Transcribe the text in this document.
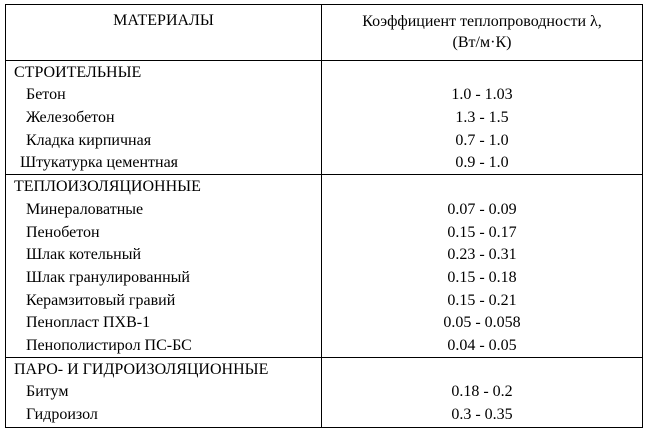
МАТЕРИАЛЫ	Коэффициент теплопроводности λ,
(Вт/м·К)
СТРОИТЕЛЬНЫЕ
Бетон	1.0 - 1.03
Железобетон	1.3 - 1.5
Кладка кирпичная	0.7 - 1.0
Штукатурка цементная	0.9 - 1.0
ТЕПЛОИЗОЛЯЦИОННЫЕ
Минераловатные	0.07 - 0.09
Пенобетон	0.15 - 0.17
Шлак котельный	0.23 - 0.31
Шлак гранулированный	0.15 - 0.18
Керамзитовый гравий	0.15 - 0.21
Пенопласт ПХВ-1	0.05 - 0.058
Пенополистирол ПС-БС	0.04 - 0.05
ПАРО- И ГИДРОИЗОЛЯЦИОННЫЕ
Битум	0.18 - 0.2
Гидроизол	0.3 - 0.35
